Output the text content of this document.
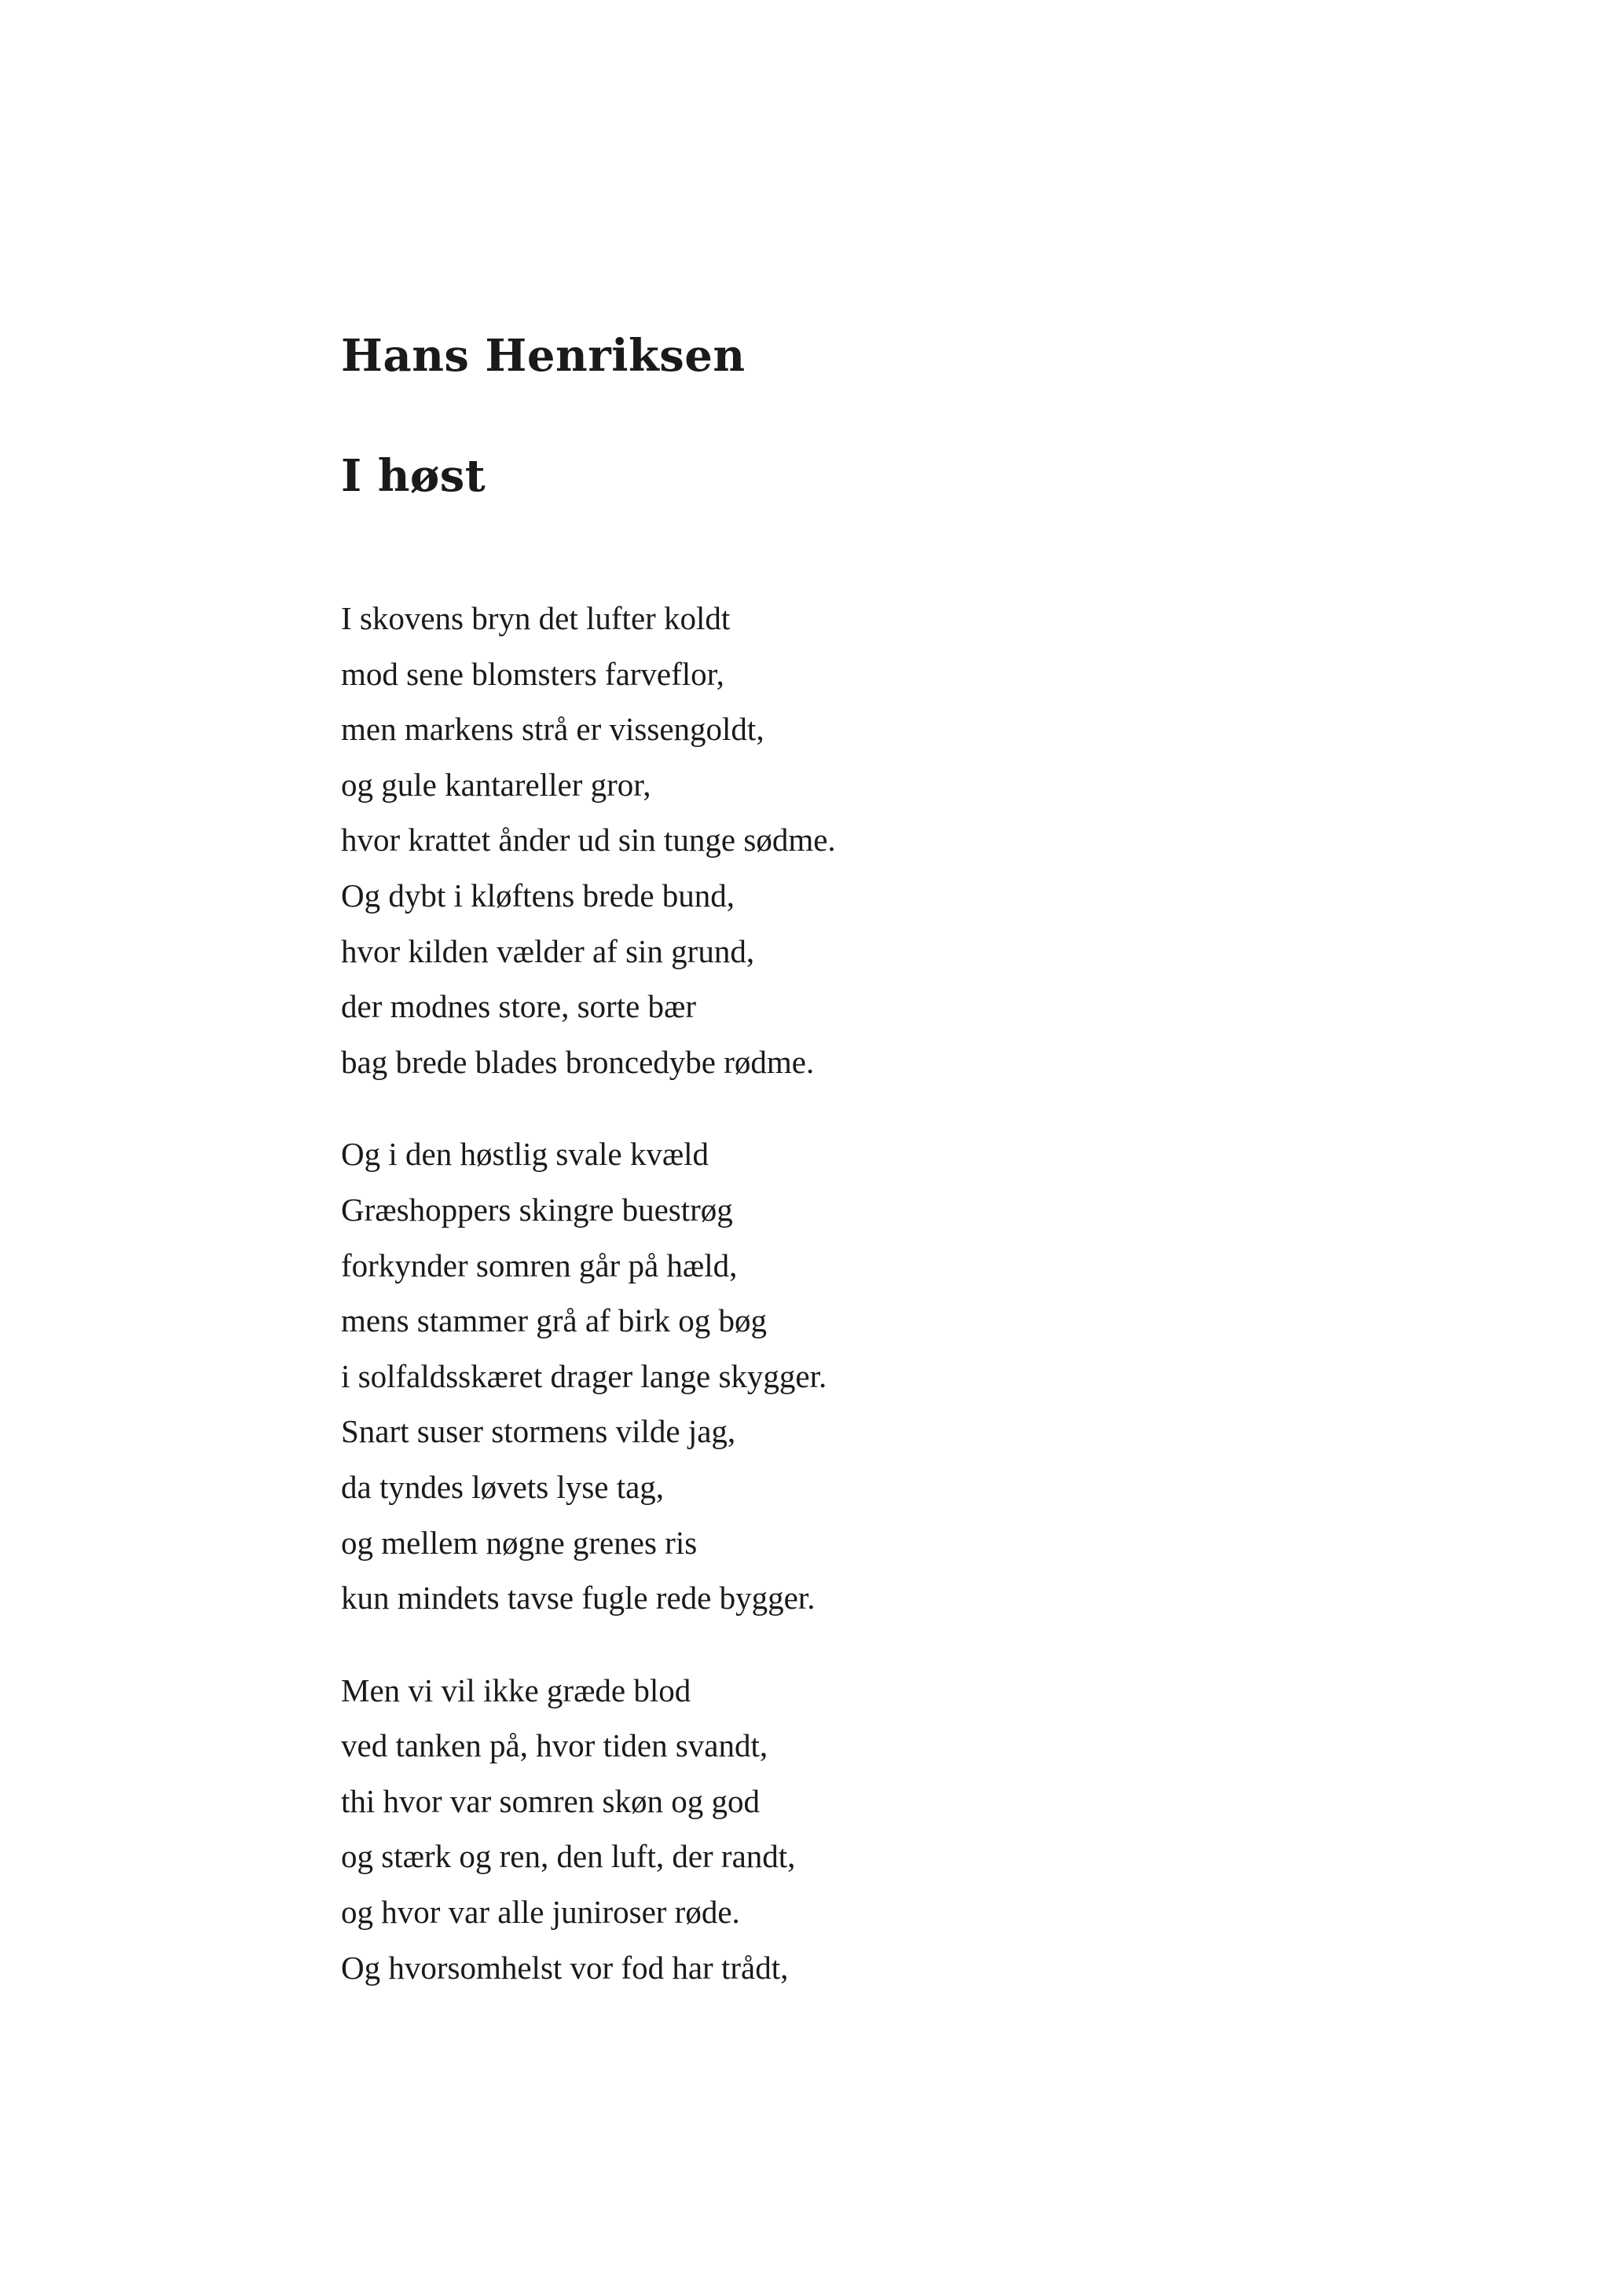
Hans Henriksen
I høst
I skovens bryn det lufter koldt
mod sene blomsters farveflor,
men markens strå er vissengoldt,
og gule kantareller gror,
hvor krattet ånder ud sin tunge sødme.
Og dybt i kløftens brede bund,
hvor kilden vælder af sin grund,
der modnes store, sorte bær
bag brede blades broncedybe rødme.
Og i den høstlig svale kvæld
Græshoppers skingre buestrøg
forkynder somren går på hæld,
mens stammer grå af birk og bøg
i solfaldsskæret drager lange skygger.
Snart suser stormens vilde jag,
da tyndes løvets lyse tag,
og mellem nøgne grenes ris
kun mindets tavse fugle rede bygger.
Men vi vil ikke græde blod
ved tanken på, hvor tiden svandt,
thi hvor var somren skøn og god
og stærk og ren, den luft, der randt,
og hvor var alle juniroser røde.
Og hvorsomhelst vor fod har trådt,
